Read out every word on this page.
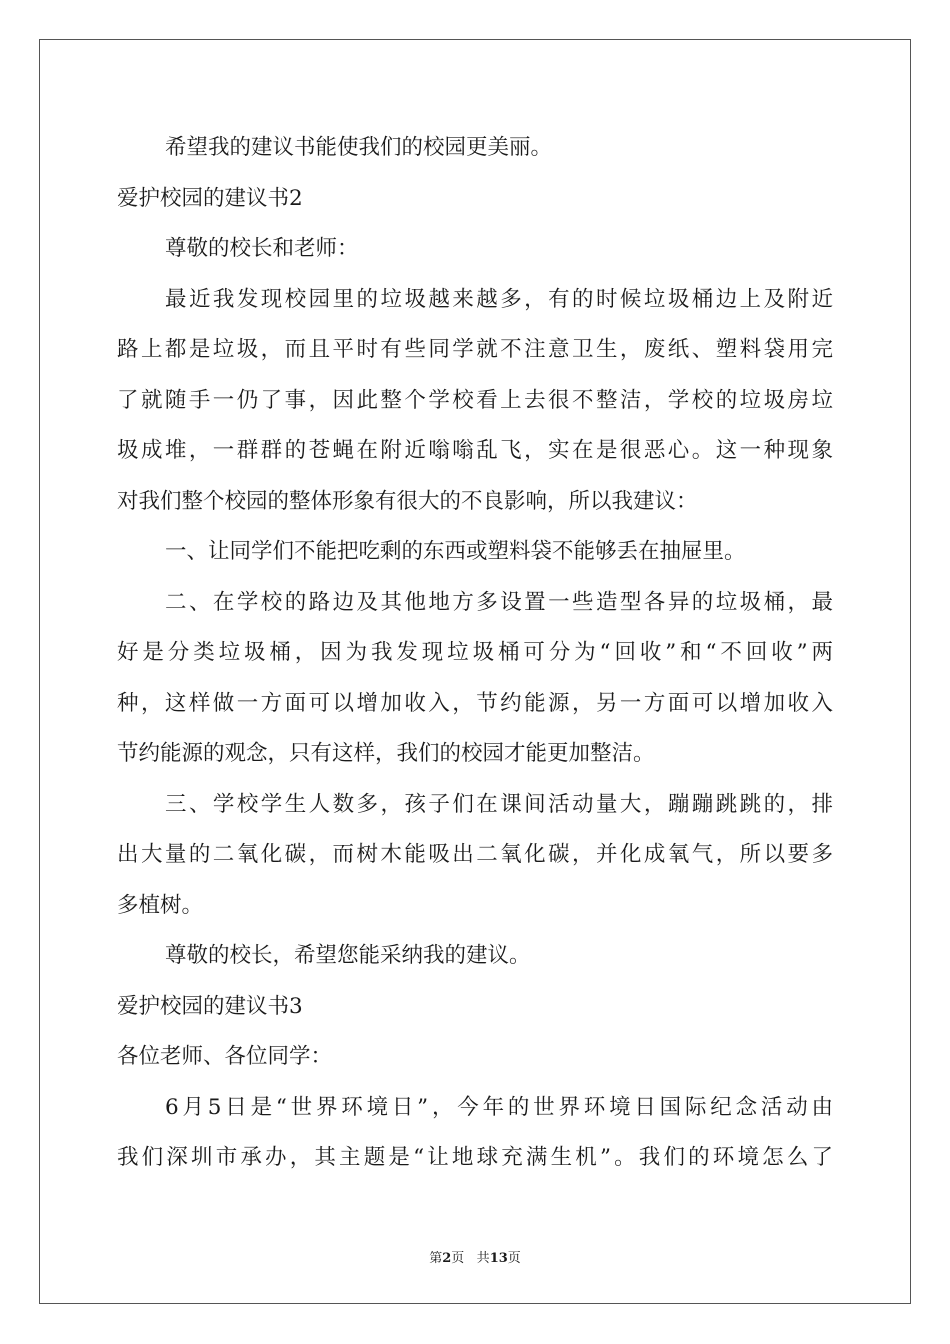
希望我的建议书能使我们的校园更美丽。
爱护校园的建议书2
尊敬的校长和老师：
最近我发现校园里的垃圾越来越多，有的时候垃圾桶边上及附近
路上都是垃圾，而且平时有些同学就不注意卫生，废纸、塑料袋用完
了就随手一仍了事，因此整个学校看上去很不整洁，学校的垃圾房垃
圾成堆，一群群的苍蝇在附近嗡嗡乱飞，实在是很恶心。这一种现象
对我们整个校园的整体形象有很大的不良影响，所以我建议：
一、让同学们不能把吃剩的东西或塑料袋不能够丢在抽屉里。
二、在学校的路边及其他地方多设置一些造型各异的垃圾桶，最
好是分类垃圾桶，因为我发现垃圾桶可分为“回收”和“不回收”两
种，这样做一方面可以增加收入，节约能源，另一方面可以增加收入
节约能源的观念，只有这样，我们的校园才能更加整洁。
三、学校学生人数多，孩子们在课间活动量大，蹦蹦跳跳的，排
出大量的二氧化碳，而树木能吸出二氧化碳，并化成氧气，所以要多
多植树。
尊敬的校长，希望您能采纳我的建议。
爱护校园的建议书3
各位老师、各位同学：
6月5日是“世界环境日”，今年的世界环境日国际纪念活动由
我们深圳市承办，其主题是“让地球充满生机”。我们的环境怎么了
第2页 共13页
